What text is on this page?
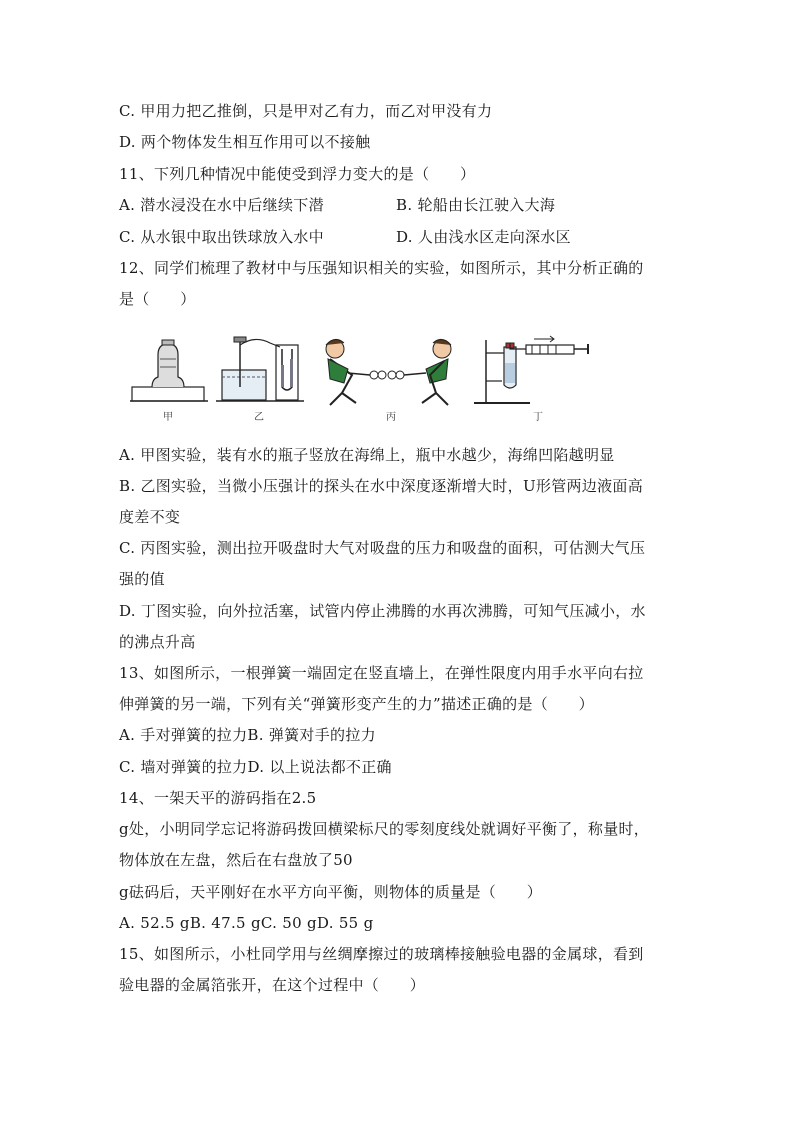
C. 甲用力把乙推倒，只是甲对乙有力，而乙对甲没有力
D. 两个物体发生相互作用可以不接触
11、下列几种情况中能使受到浮力变大的是（　　）
A. 潜水浸没在水中后继续下潜	B. 轮船由长江驶入大海
C. 从水银中取出铁球放入水中	D. 人由浅水区走向深水区
12、同学们梳理了教材中与压强知识相关的实验，如图所示，其中分析正确的
是（　　）
甲	乙	丙	丁
A. 甲图实验，装有水的瓶子竖放在海绵上，瓶中水越少，海绵凹陷越明显
B. 乙图实验，当微小压强计的探头在水中深度逐渐增大时，U形管两边液面高
度差不变
C. 丙图实验，测出拉开吸盘时大气对吸盘的压力和吸盘的面积，可估测大气压
强的值
D. 丁图实验，向外拉活塞，试管内停止沸腾的水再次沸腾，可知气压减小，水
的沸点升高
13、如图所示，一根弹簧一端固定在竖直墙上，在弹性限度内用手水平向右拉
伸弹簧的另一端，下列有关“弹簧形变产生的力”描述正确的是（　　）
A. 手对弹簧的拉力B. 弹簧对手的拉力
C. 墙对弹簧的拉力D. 以上说法都不正确
14、一架天平的游码指在2.5
g处，小明同学忘记将游码拨回横梁标尺的零刻度线处就调好平衡了，称量时，
物体放在左盘，然后在右盘放了50
g砝码后，天平刚好在水平方向平衡，则物体的质量是（　　）
A. 52.5 gB. 47.5 gC. 50 gD. 55 g
15、如图所示，小杜同学用与丝绸摩擦过的玻璃棒接触验电器的金属球，看到
验电器的金属箔张开，在这个过程中（　　）
